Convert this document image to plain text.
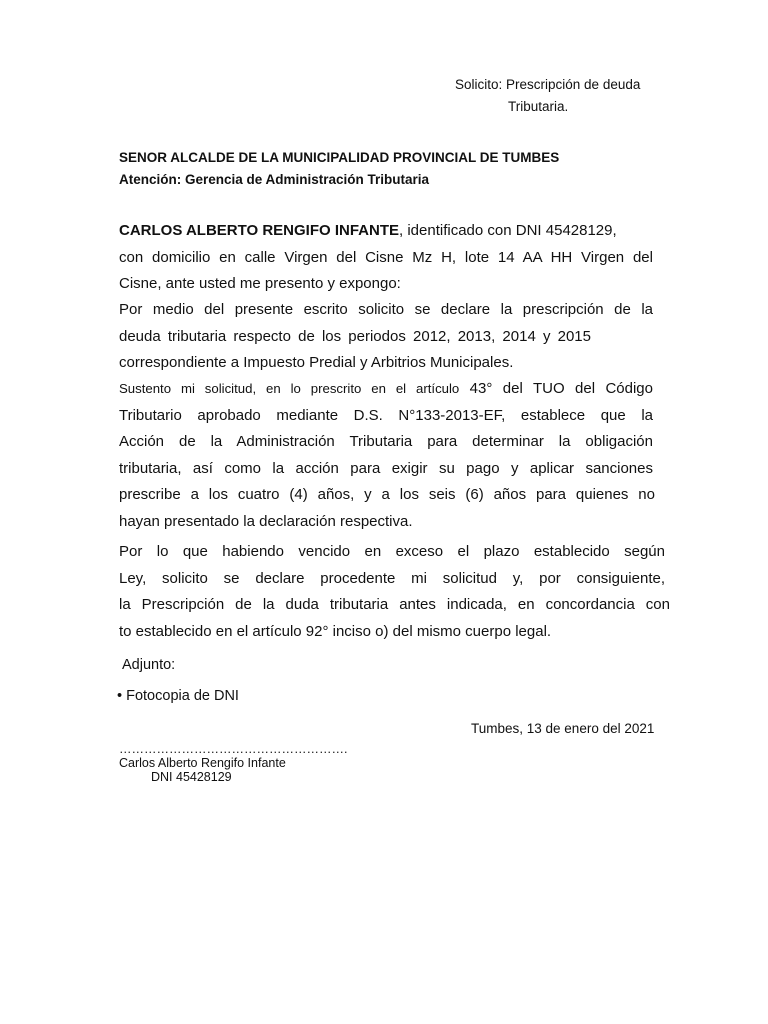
Solicito: Prescripción de deuda
Tributaria.
SENOR ALCALDE DE LA MUNICIPALIDAD PROVINCIAL DE TUMBES
Atención: Gerencia de Administración Tributaria
CARLOS ALBERTO RENGIFO INFANTE, identificado con DNI 45428129,
con domicilio en calle Virgen del Cisne Mz H, lote 14 AA HH Virgen del
Cisne, ante usted me presento y expongo:
Por medio del presente escrito solicito se declare la prescripción de la
deuda tributaria respecto de los periodos 2012, 2013, 2014 y 2015
correspondiente a Impuesto Predial y Arbitrios Municipales.
Sustento mi solicitud, en lo prescrito en el artículo 43° del TUO del Código
Tributario aprobado mediante D.S. N°133-2013-EF, establece que la
Acción de la Administración Tributaria para determinar la obligación
tributaria, así como la acción para exigir su pago y aplicar sanciones
prescribe a los cuatro (4) años, y a los seis (6) años para quienes no
hayan presentado la declaración respectiva.
Por lo que habiendo vencido en exceso el plazo establecido según
Ley, solicito se declare procedente mi solicitud y, por consiguiente,
la Prescripción de la duda tributaria antes indicada, en concordancia con
to establecido en el artículo 92° inciso o) del mismo cuerpo legal.
Adjunto:
• Fotocopia de DNI
Tumbes, 13 de enero del 2021
……………………………………………….
Carlos Alberto Rengifo Infante
DNI 45428129
